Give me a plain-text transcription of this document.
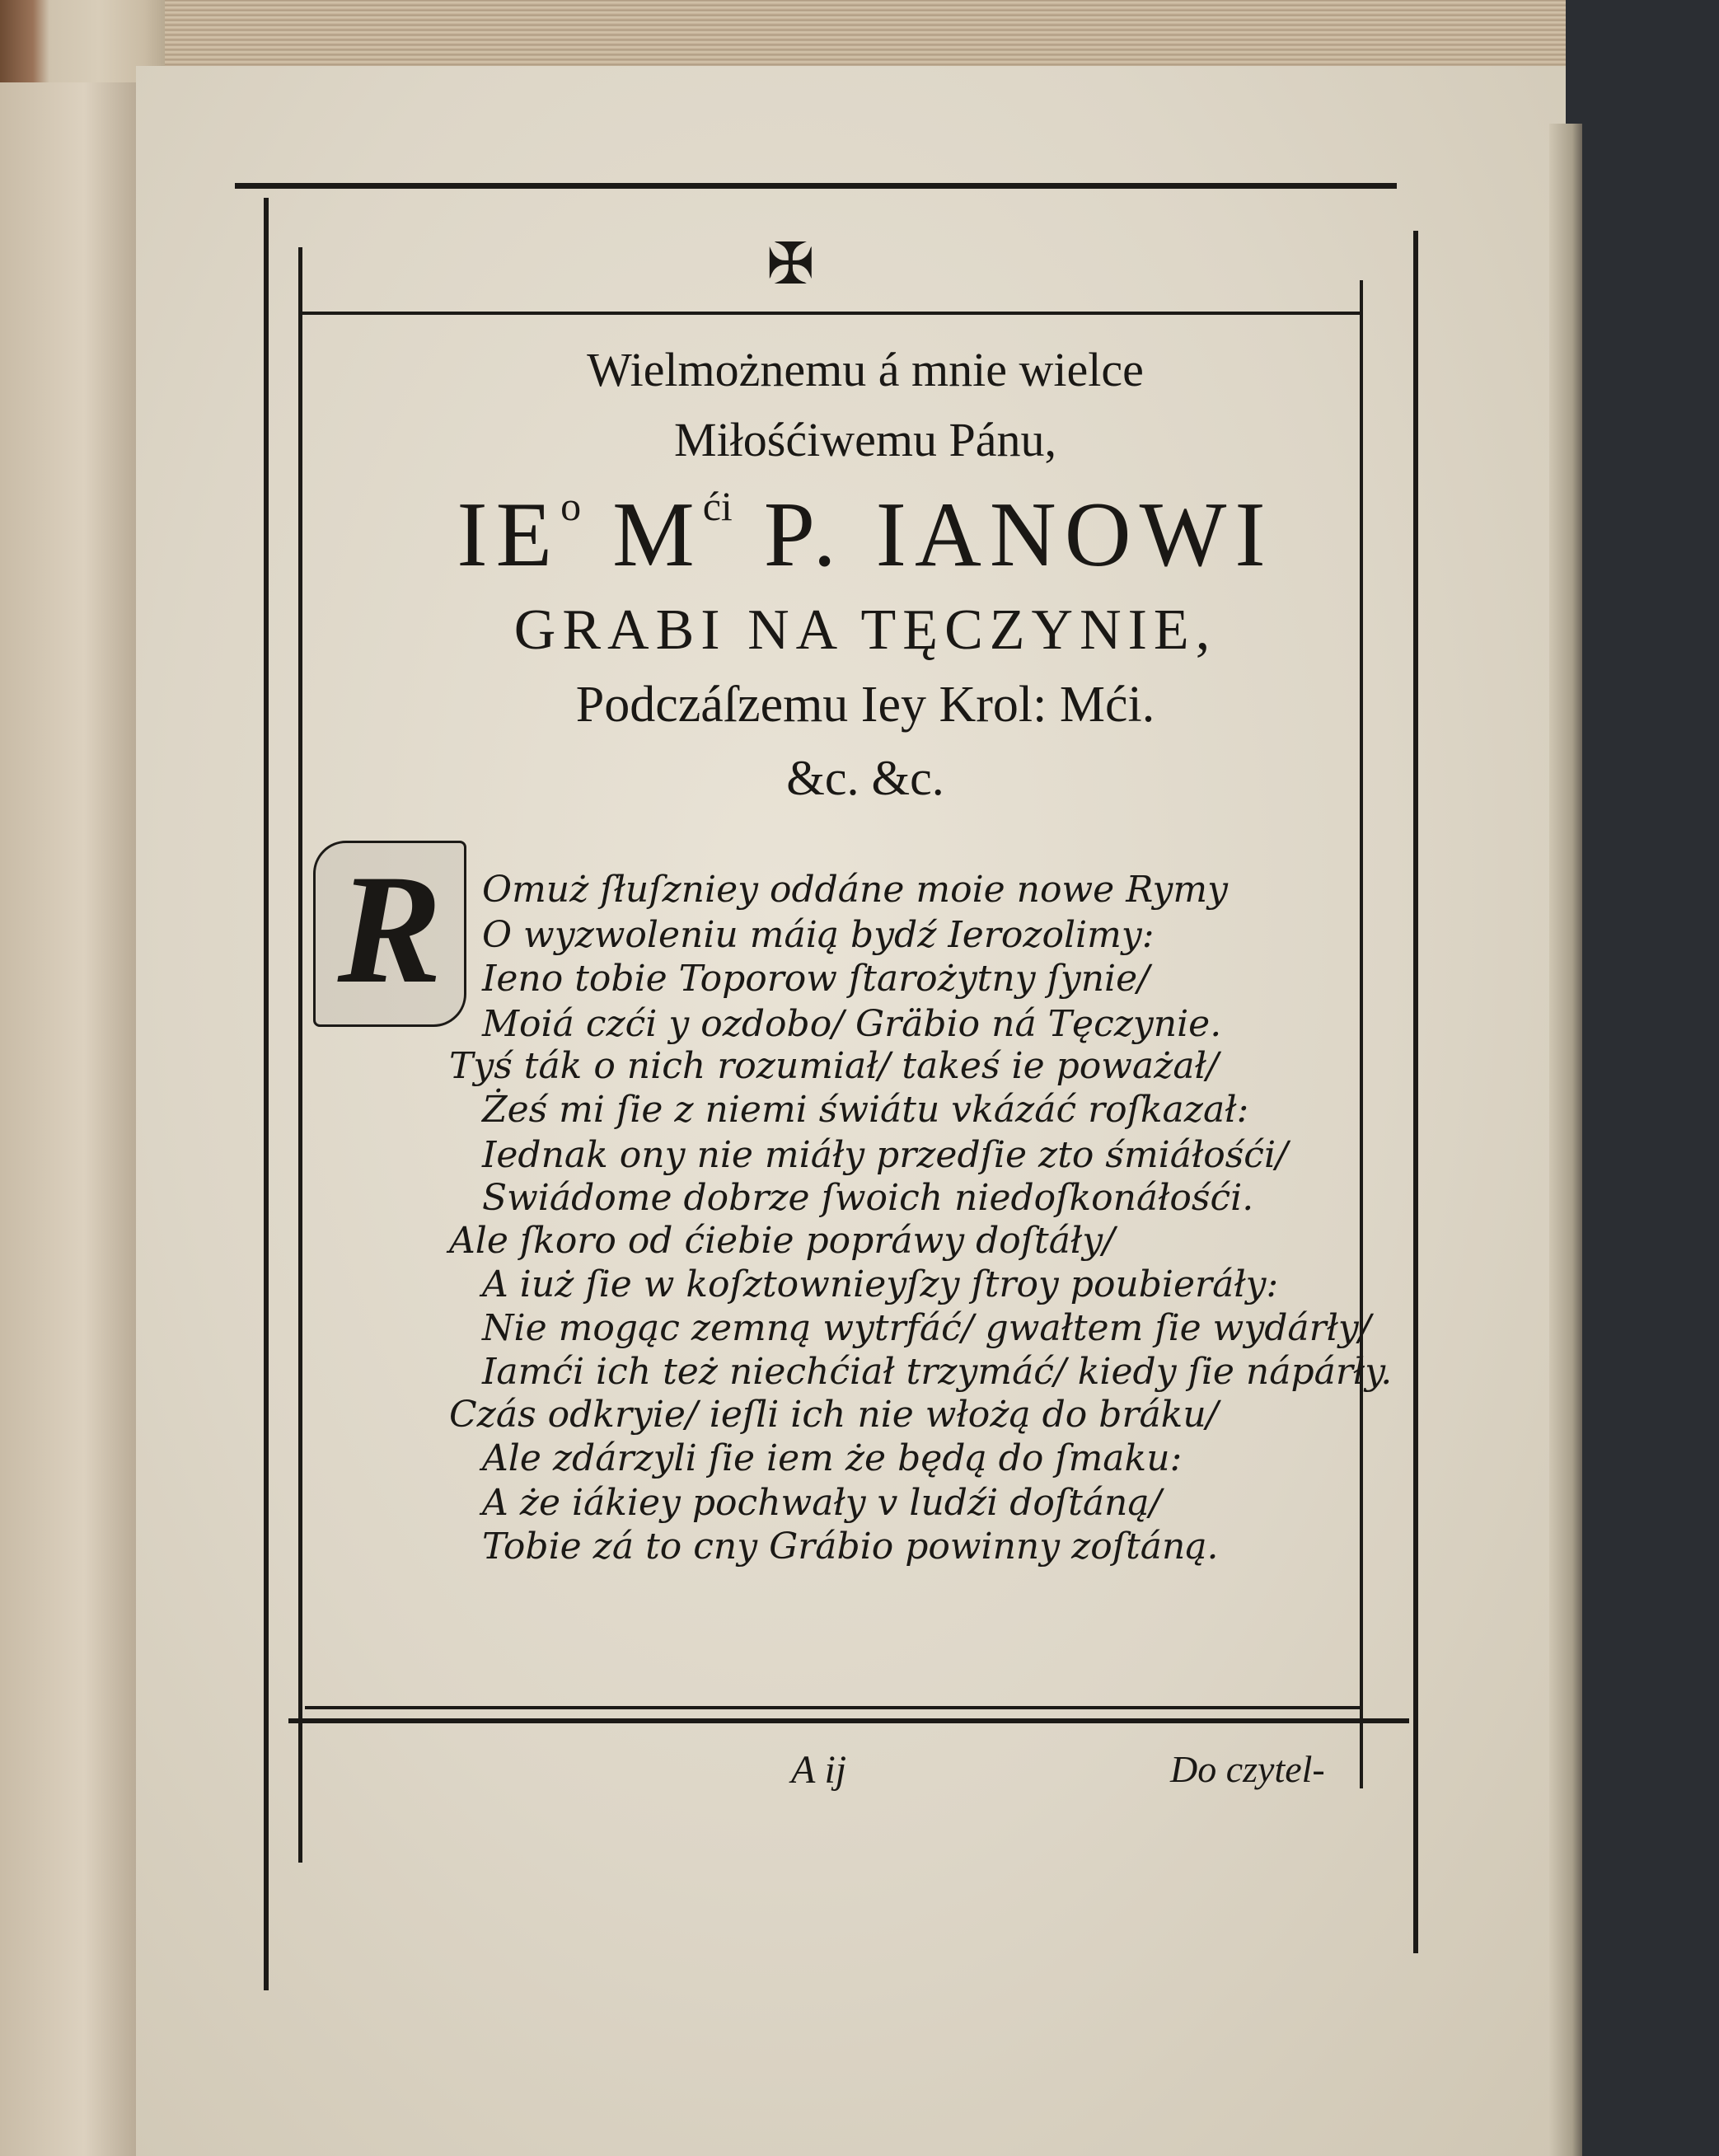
✠
Wielmożnemu á mnie wielce
Miłośćiwemu Pánu,
$IE^o$ $M^{ći}$ P. IANOWI
GRABI NA TĘCZYNIE,
Podczáſzemu Iey Krol: Mći.
&c. &c.
R	Omuż ſłuſzniey oddáne moie nowe Rymy
O wyzwoleniu máią bydź Ierozolimy:
Ieno tobie Toporow ſtarożytny ſynie/
Moiá czći y ozdobo/ Gräbio ná Tęczynie.
Tyś ták o nich rozumiał/ takeś ie poważał/
Żeś mi ſie z niemi świátu vkázáć roſkazał:
Iednak ony nie miáły przedſie zto śmiáłośći/
Swiádome dobrze ſwoich niedoſkonáłośći.
Ale ſkoro od ćiebie popráwy doſtáły/
A iuż ſie w koſztownieyſzy ſtroy poubieráły:
Nie mogąc zemną wytrfáć/ gwałtem ſie wydárły/
Iamći ich też niechćiał trzymáć/ kiedy ſie nápárły.
Czás odkryie/ ieſli ich nie włożą do bráku/
Ale zdárzyli ſie iem że będą do ſmaku:
A że iákiey pochwały v ludźi doſtáną/
Tobie zá to cny Grábio powinny zoſtáną.
A ij	Do czytel-
